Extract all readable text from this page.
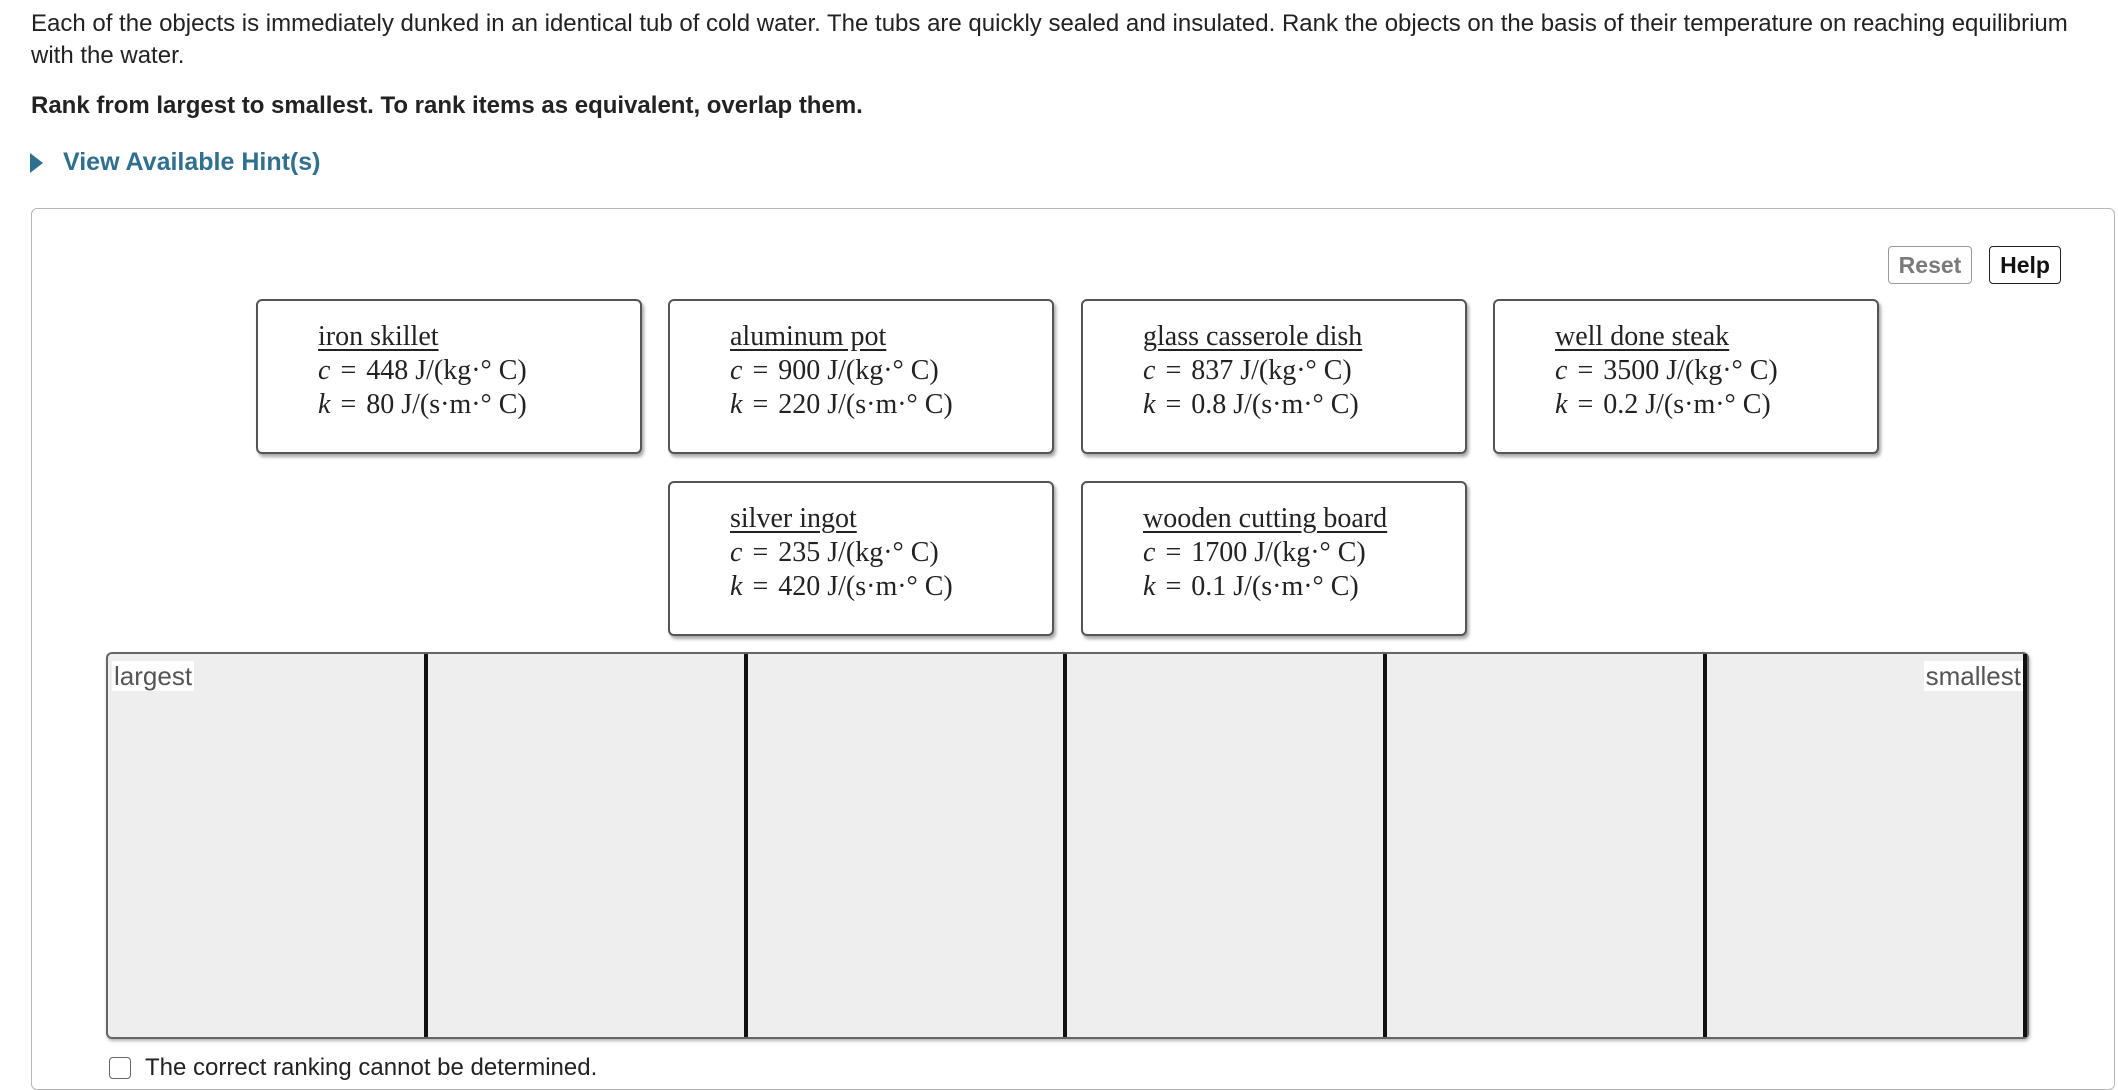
Each of the objects is immediately dunked in an identical tub of cold water. The tubs are quickly sealed and insulated. Rank the objects on the basis of their temperature on reaching equilibrium with the water.
Rank from largest to smallest. To rank items as equivalent, overlap them.
View Available Hint(s)
Reset	Help
iron skillet
c = 448 J/(kg·° C)
k = 80 J/(s·m·° C)
aluminum pot
c = 900 J/(kg·° C)
k = 220 J/(s·m·° C)
glass casserole dish
c = 837 J/(kg·° C)
k = 0.8 J/(s·m·° C)
well done steak
c = 3500 J/(kg·° C)
k = 0.2 J/(s·m·° C)
silver ingot
c = 235 J/(kg·° C)
k = 420 J/(s·m·° C)
wooden cutting board
c = 1700 J/(kg·° C)
k = 0.1 J/(s·m·° C)
largest	smallest
The correct ranking cannot be determined.
